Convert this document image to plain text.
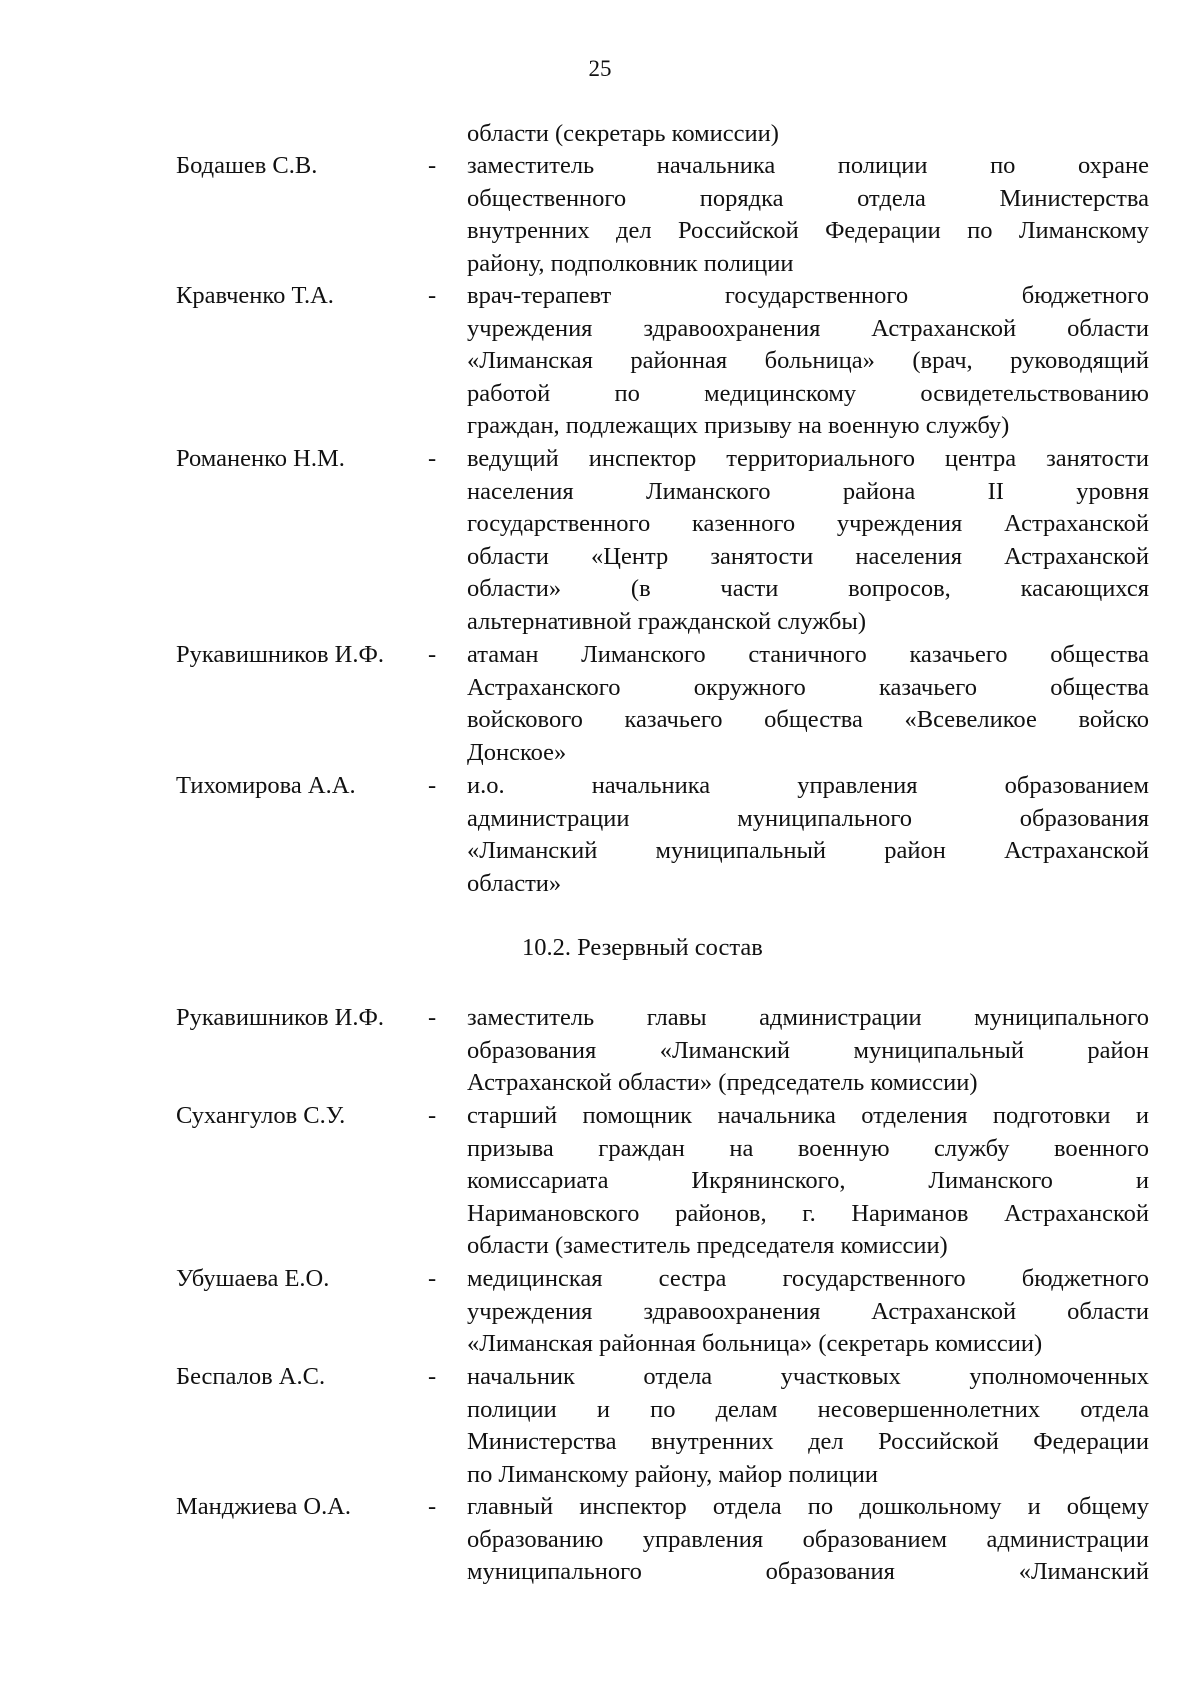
25
области (секретарь комиссии)
Бодашев С.В.	- заместитель начальника полиции по охране
общественного порядка отдела Министерства
внутренних дел Российской Федерации по Лиманскому
району, подполковник полиции
Кравченко Т.А.	- врач-терапевт государственного бюджетного
учреждения здравоохранения Астраханской области
«Лиманская районная больница» (врач, руководящий
работой по медицинскому освидетельствованию
граждан, подлежащих призыву на военную службу)
Романенко Н.М.	- ведущий инспектор территориального центра занятости
населения Лиманского района II уровня
государственного казенного учреждения Астраханской
области «Центр занятости населения Астраханской
области» (в части вопросов, касающихся
альтернативной гражданской службы)
Рукавишников И.Ф. - атаман Лиманского станичного казачьего общества
Астраханского окружного казачьего общества
войскового казачьего общества «Всевеликое войско
Донское»
Тихомирова А.А.	- и.о. начальника управления образованием
администрации муниципального образования
«Лиманский муниципальный район Астраханской
области»
10.2. Резервный состав
Рукавишников И.Ф. - заместитель главы администрации муниципального
образования «Лиманский муниципальный район
Астраханской области» (председатель комиссии)
Сухангулов С.У.	- старший помощник начальника отделения подготовки и
призыва граждан на военную службу военного
комиссариата Икрянинского, Лиманского и
Наримановского районов, г. Нариманов Астраханской
области (заместитель председателя комиссии)
Убушаева Е.О.	- медицинская сестра государственного бюджетного
учреждения здравоохранения Астраханской области
«Лиманская районная больница» (секретарь комиссии)
Беспалов А.С.	- начальник отдела участковых уполномоченных
полиции и по делам несовершеннолетних отдела
Министерства внутренних дел Российской Федерации
по Лиманскому району, майор полиции
Манджиева О.А.	- главный инспектор отдела по дошкольному и общему
образованию управления образованием администрации
муниципального образования «Лиманский
